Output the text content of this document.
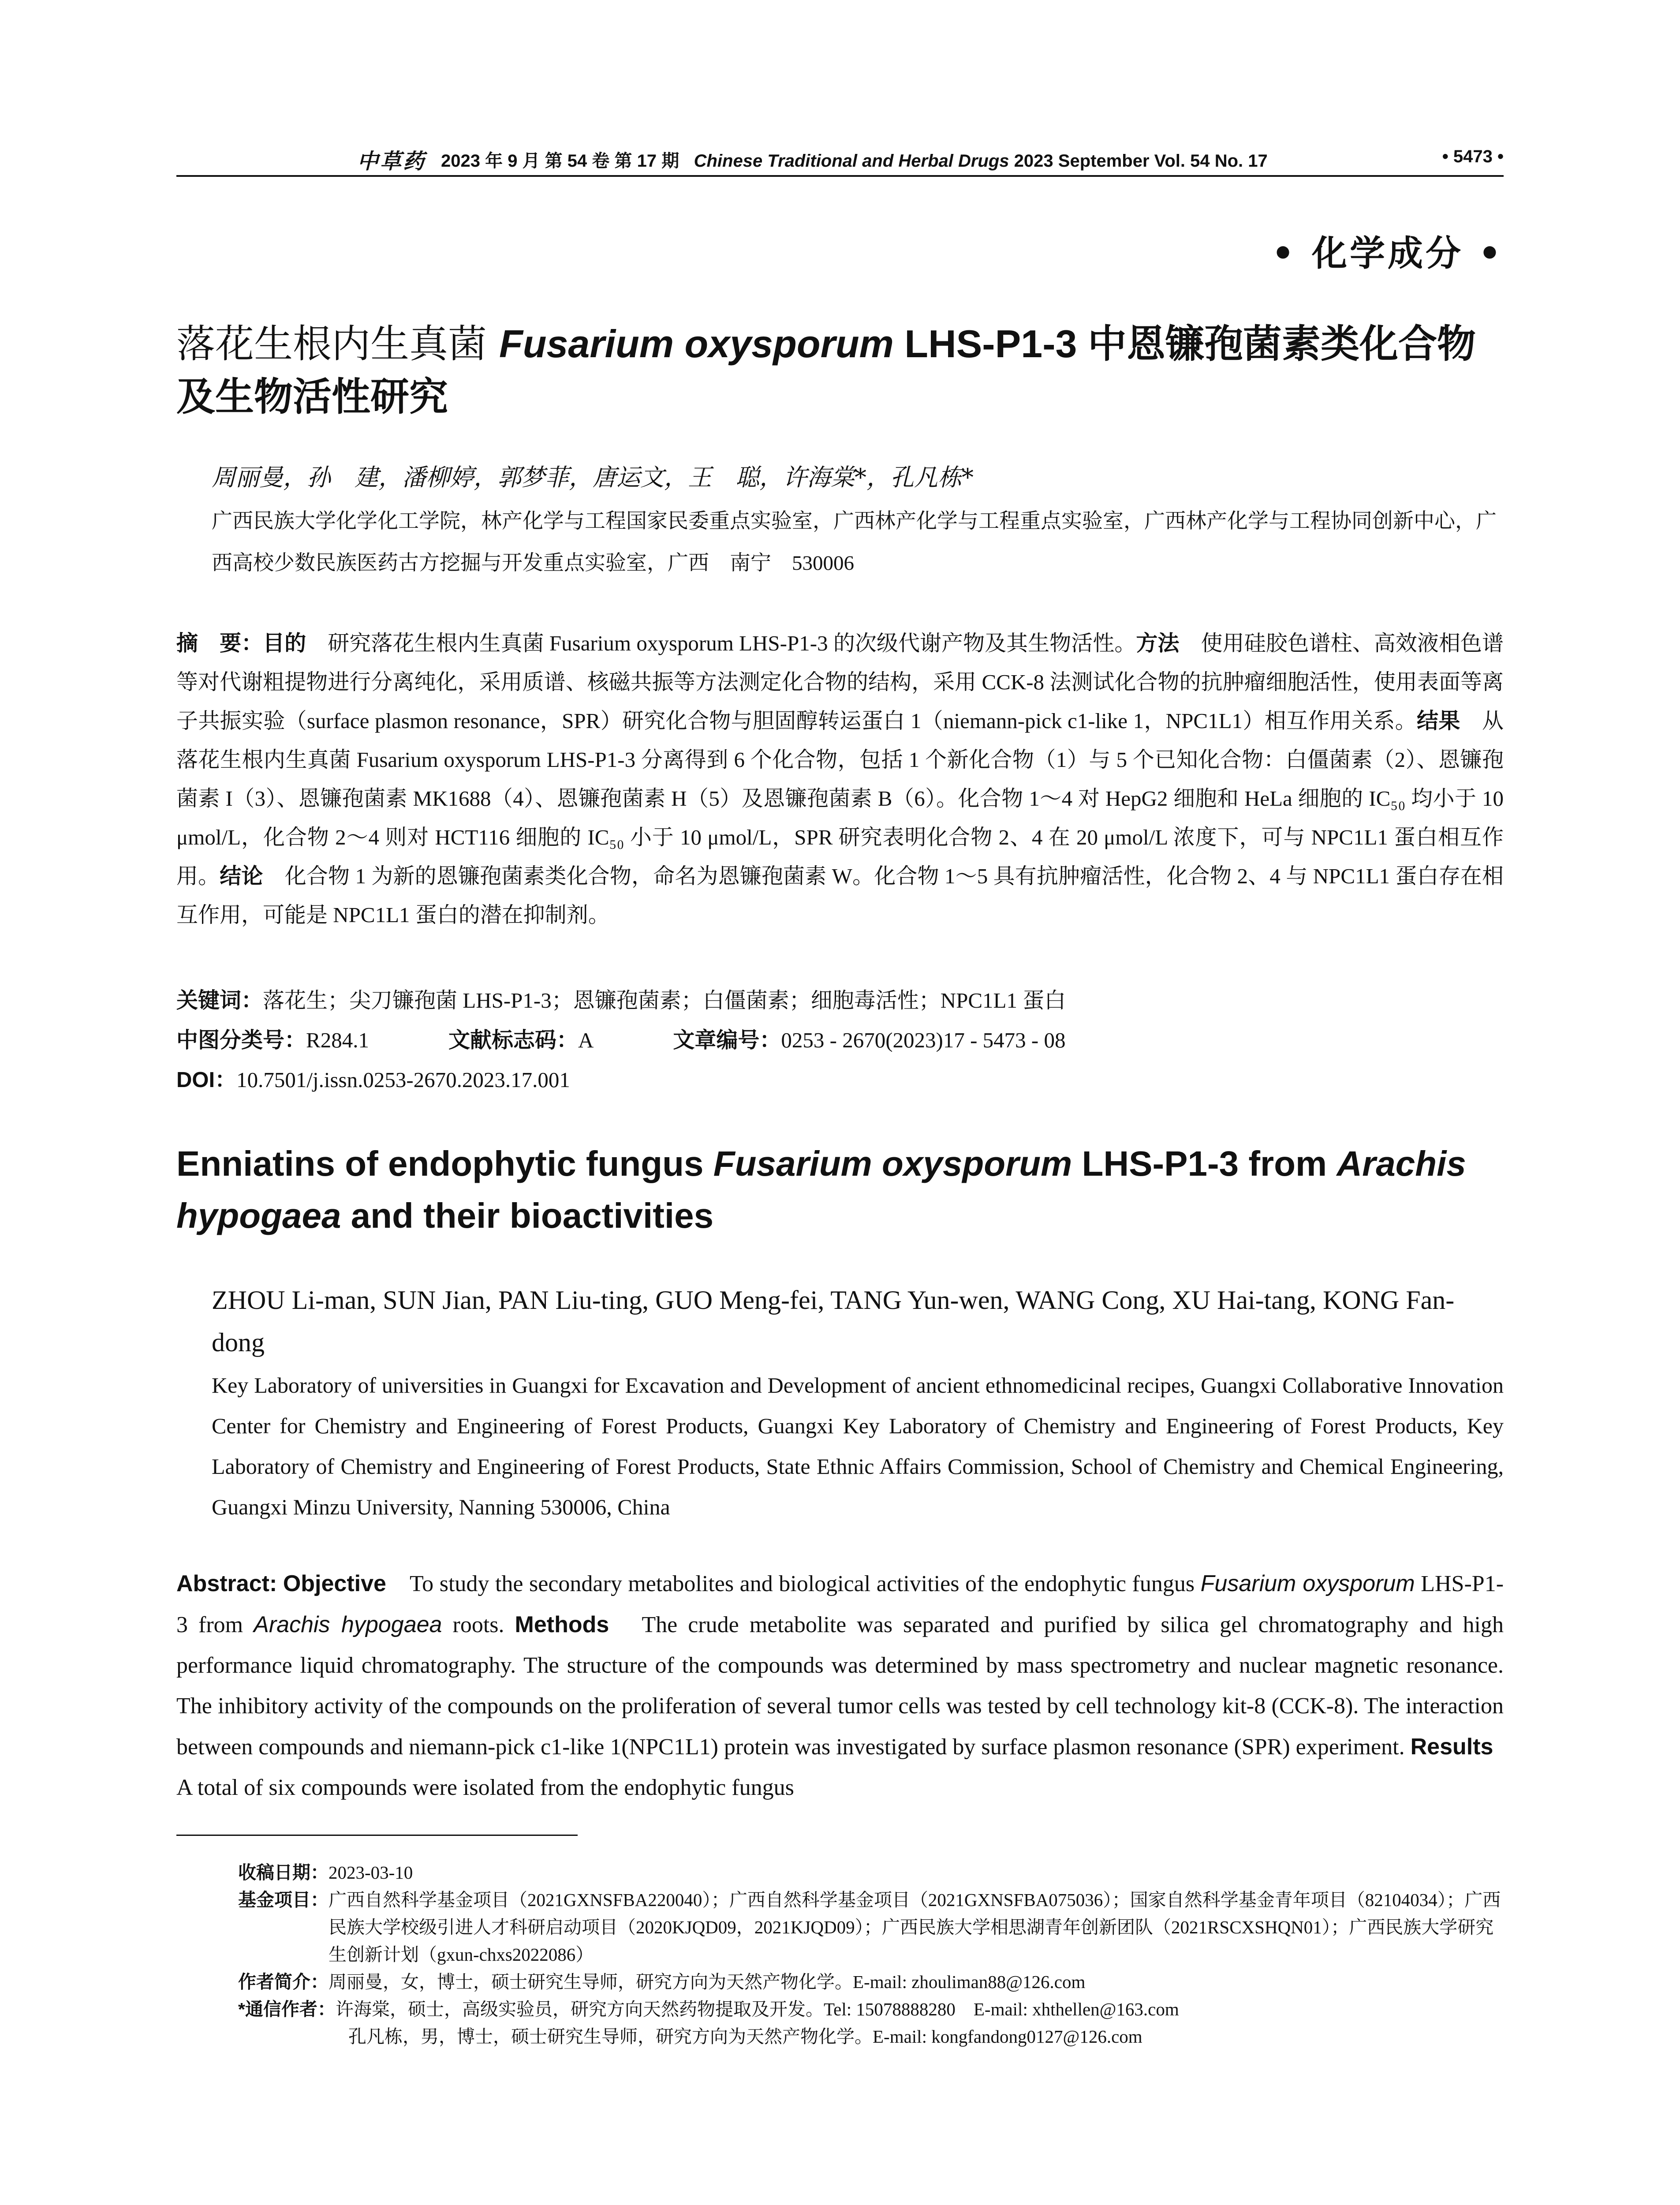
中草药 2023 年 9 月 第 54 卷 第 17 期 Chinese Traditional and Herbal Drugs 2023 September Vol. 54 No. 17	• 5473 •
• 化学成分 •
落花生根内生真菌 Fusarium oxysporum LHS-P1-3 中恩镰孢菌素类化合物及生物活性研究
周丽曼，孙　建，潘柳婷，郭梦菲，唐运文，王　聪，许海棠*，孔凡栋*
广西民族大学化学化工学院，林产化学与工程国家民委重点实验室，广西林产化学与工程重点实验室，广西林产化学与工程协同创新中心，广西高校少数民族医药古方挖掘与开发重点实验室，广西　南宁　530006
摘　要：目的　研究落花生根内生真菌 Fusarium oxysporum LHS-P1-3 的次级代谢产物及其生物活性。方法　使用硅胶色谱柱、高效液相色谱等对代谢粗提物进行分离纯化，采用质谱、核磁共振等方法测定化合物的结构，采用 CCK-8 法测试化合物的抗肿瘤细胞活性，使用表面等离子共振实验（surface plasmon resonance，SPR）研究化合物与胆固醇转运蛋白 1（niemann-pick c1-like 1，NPC1L1）相互作用关系。结果　从落花生根内生真菌 Fusarium oxysporum LHS-P1-3 分离得到 6 个化合物，包括 1 个新化合物（1）与 5 个已知化合物：白僵菌素（2）、恩镰孢菌素 I（3）、恩镰孢菌素 MK1688（4）、恩镰孢菌素 H（5）及恩镰孢菌素 B（6）。化合物 1～4 对 HepG2 细胞和 HeLa 细胞的 IC₅₀ 均小于 10 μmol/L，化合物 2～4 则对 HCT116 细胞的 IC₅₀ 小于 10 μmol/L，SPR 研究表明化合物 2、4 在 20 μmol/L 浓度下，可与 NPC1L1 蛋白相互作用。结论　化合物 1 为新的恩镰孢菌素类化合物，命名为恩镰孢菌素 W。化合物 1～5 具有抗肿瘤活性，化合物 2、4 与 NPC1L1 蛋白存在相互作用，可能是 NPC1L1 蛋白的潜在抑制剂。
关键词：落花生；尖刀镰孢菌 LHS-P1-3；恩镰孢菌素；白僵菌素；细胞毒活性；NPC1L1 蛋白
中图分类号：R284.1	文献标志码：A	文章编号：0253 - 2670(2023)17 - 5473 - 08
DOI：10.7501/j.issn.0253-2670.2023.17.001
Enniatins of endophytic fungus Fusarium oxysporum LHS-P1-3 from Arachis hypogaea and their bioactivities
ZHOU Li-man, SUN Jian, PAN Liu-ting, GUO Meng-fei, TANG Yun-wen, WANG Cong, XU Hai-tang, KONG Fan-dong
Key Laboratory of universities in Guangxi for Excavation and Development of ancient ethnomedicinal recipes, Guangxi Collaborative Innovation Center for Chemistry and Engineering of Forest Products, Guangxi Key Laboratory of Chemistry and Engineering of Forest Products, Key Laboratory of Chemistry and Engineering of Forest Products, State Ethnic Affairs Commission, School of Chemistry and Chemical Engineering, Guangxi Minzu University, Nanning 530006, China
Abstract: Objective　To study the secondary metabolites and biological activities of the endophytic fungus Fusarium oxysporum LHS-P1-3 from Arachis hypogaea roots. Methods　The crude metabolite was separated and purified by silica gel chromatography and high performance liquid chromatography. The structure of the compounds was determined by mass spectrometry and nuclear magnetic resonance. The inhibitory activity of the compounds on the proliferation of several tumor cells was tested by cell technology kit-8 (CCK-8). The interaction between compounds and niemann-pick c1-like 1(NPC1L1) protein was investigated by surface plasmon resonance (SPR) experiment. Results　A total of six compounds were isolated from the endophytic fungus
收稿日期： 2023-03-10
基金项目： 广西自然科学基金项目（2021GXNSFBA220040）；广西自然科学基金项目（2021GXNSFBA075036）；国家自然科学基金青年项目（82104034）；广西民族大学校级引进人才科研启动项目（2020KJQD09，2021KJQD09）；广西民族大学相思湖青年创新团队（2021RSCXSHQN01）；广西民族大学研究生创新计划（gxun-chxs2022086）
作者简介： 周丽曼，女，博士，硕士研究生导师，研究方向为天然产物化学。E-mail: zhouliman88@126.com
*通信作者： 许海棠，硕士，高级实验员，研究方向天然药物提取及开发。Tel: 15078888280　E-mail: xhthellen@163.com
孔凡栋，男，博士，硕士研究生导师，研究方向为天然产物化学。E-mail: kongfandong0127@126.com
